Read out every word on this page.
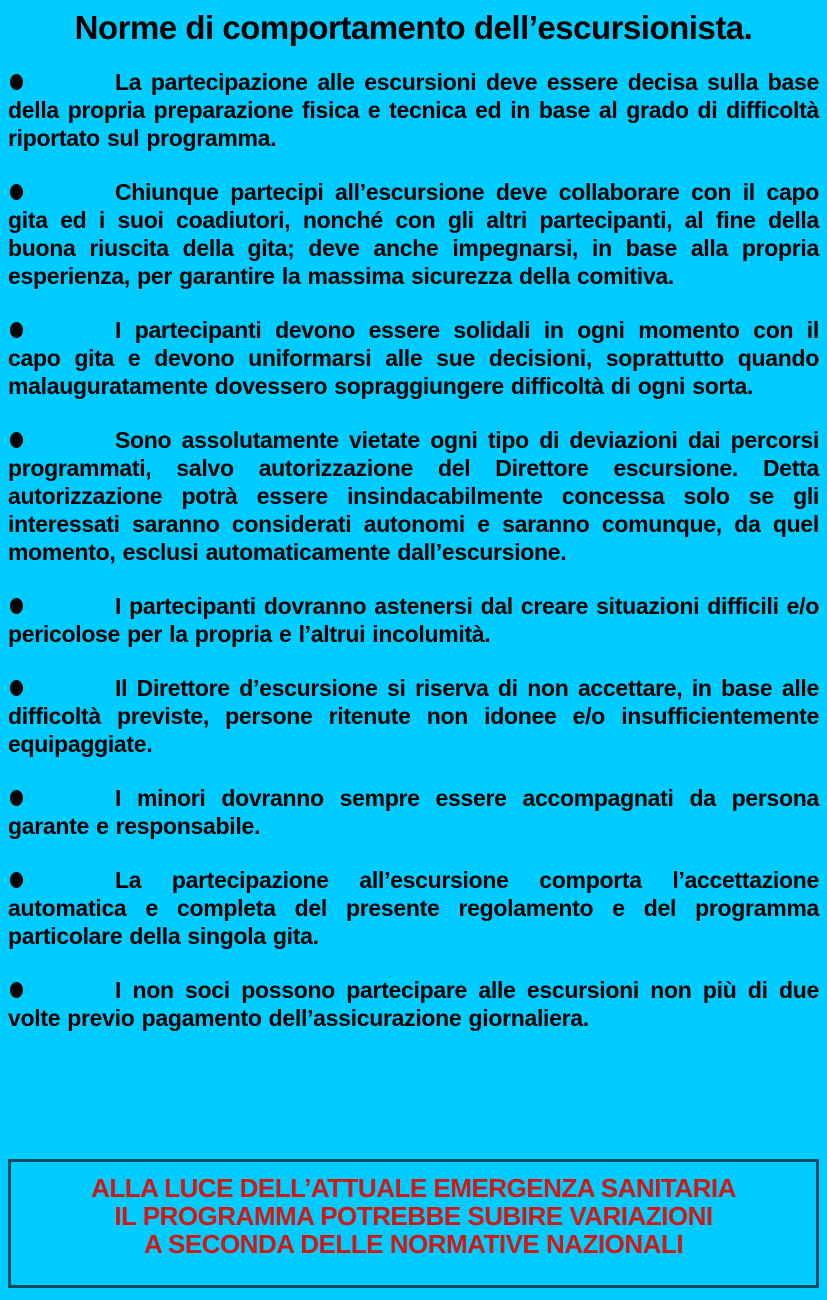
Norme di comportamento dell’escursionista.
La partecipazione alle escursioni deve essere decisa sulla base della propria preparazione fisica e tecnica ed in base al grado di difficoltà riportato sul programma.
Chiunque partecipi all’escursione deve collaborare con il capo gita ed i suoi coadiutori, nonché con gli altri partecipanti, al fine della buona riuscita della gita; deve anche impegnarsi, in base alla propria esperienza, per garantire la massima sicurezza della comitiva.
I partecipanti devono essere solidali in ogni momento con il capo gita e devono uniformarsi alle sue decisioni, soprattutto quando malauguratamente dovessero sopraggiungere difficoltà di ogni sorta.
Sono assolutamente vietate ogni tipo di deviazioni dai percorsi programmati, salvo autorizzazione del Direttore escursione. Detta autorizzazione potrà essere insindacabilmente concessa solo se gli interessati saranno considerati autonomi e saranno comunque, da quel momento, esclusi automaticamente dall’escursione.
I partecipanti dovranno astenersi dal creare situazioni difficili e/o pericolose per la propria e l’altrui incolumità.
Il Direttore d’escursione si riserva di non accettare, in base alle difficoltà previste, persone ritenute non idonee e/o insufficientemente equipaggiate.
I minori dovranno sempre essere accompagnati da persona garante e responsabile.
La partecipazione all’escursione comporta l’accettazione automatica e completa del presente regolamento e del programma particolare della singola gita.
I non soci possono partecipare alle escursioni non più di due volte previo pagamento dell’assicurazione giornaliera.
ALLA LUCE DELL’ATTUALE EMERGENZA SANITARIA
IL PROGRAMMA POTREBBE SUBIRE VARIAZIONI
A SECONDA DELLE NORMATIVE NAZIONALI
